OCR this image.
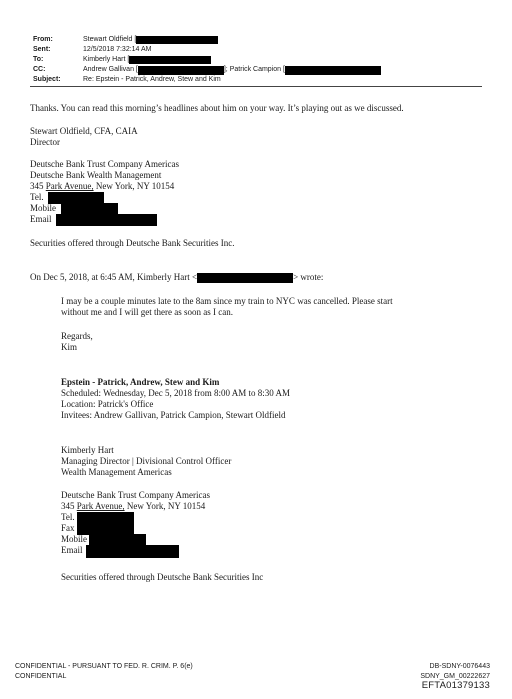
From:	Stewart Oldfield [
Sent:	12/5/2018 7:32:14 AM
To:	Kimberly Hart [
CC:	Andrew Gallivan [	]; Patrick Campion [
Subject:	Re: Epstein - Patrick, Andrew, Stew and Kim
Thanks. You can read this morning’s headlines about him on your way. It’s playing out as we discussed.
Stewart Oldfield, CFA, CAIA
Director
Deutsche Bank Trust Company Americas
Deutsche Bank Wealth Management
345 Park Avenue, New York, NY 10154
Tel.
Mobile
Email
Securities offered through Deutsche Bank Securities Inc.
On Dec 5, 2018, at 6:45 AM, Kimberly Hart <	> wrote:
I may be a couple minutes late to the 8am since my train to NYC was cancelled. Please start
without me and I will get there as soon as I can.
Regards,
Kim
Epstein - Patrick, Andrew, Stew and Kim
Scheduled: Wednesday, Dec 5, 2018 from 8:00 AM to 8:30 AM
Location: Patrick's Office
Invitees: Andrew Gallivan, Patrick Campion, Stewart Oldfield
Kimberly Hart
Managing Director | Divisional Control Officer
Wealth Management Americas
Deutsche Bank Trust Company Americas
345 Park Avenue, New York, NY 10154
Tel.
Fax
Mobile
Email
Securities offered through Deutsche Bank Securities Inc
CONFIDENTIAL - PURSUANT TO FED. R. CRIM. P. 6(e)
CONFIDENTIAL
DB-SDNY-0076443
SDNY_GM_00222627
EFTA01379133
